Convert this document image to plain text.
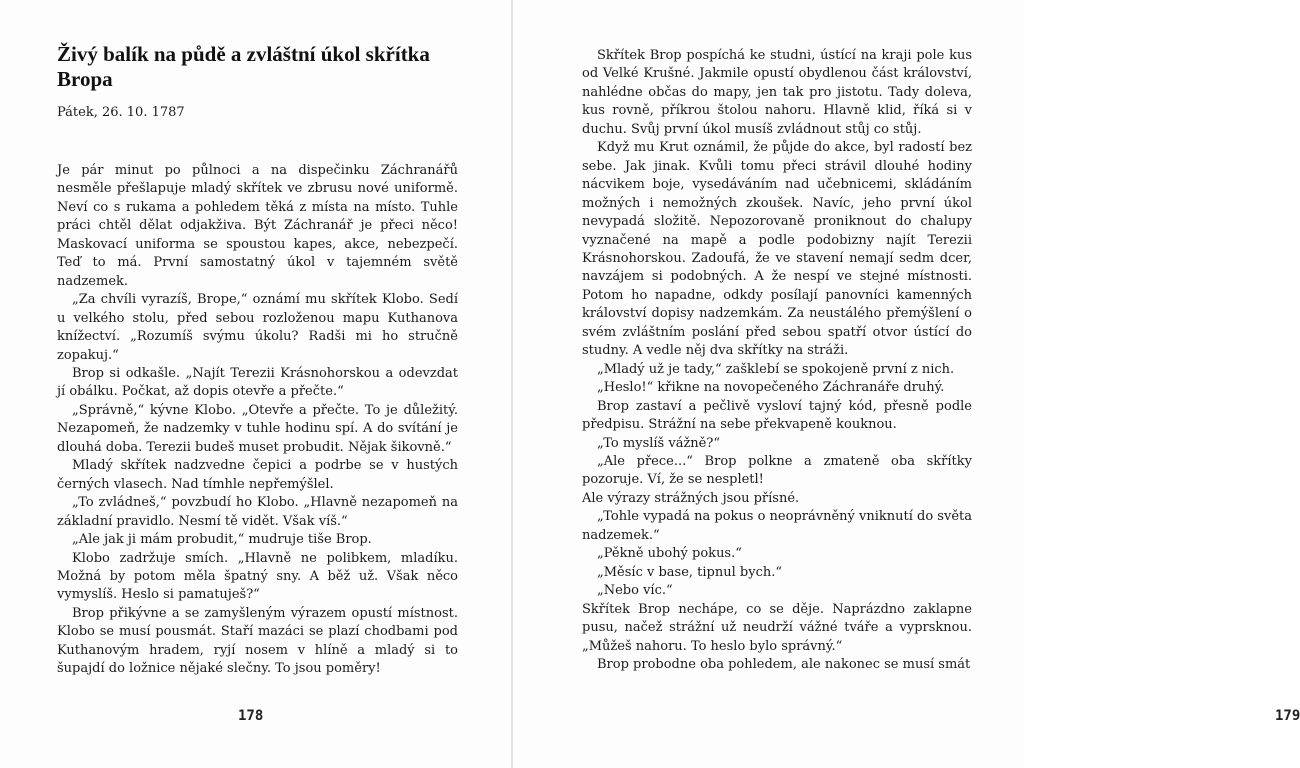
Živý balík na půdě a zvláštní úkol skřítka Bropa

Pátek, 26. 10. 1787

Je pár minut po půlnoci a na dispečinku Záchranářů nesměle přešlapuje mladý skřítek ve zbrusu nové uniformě. Neví co s rukama a pohledem těká z místa na místo. Tuhle práci chtěl dělat odjakživa. Být Záchranář je přeci něco! Maskovací uniforma se spoustou kapes, akce, nebezpečí. Teď to má. První samostatný úkol v tajemném světě nadzemek.

„Za chvíli vyrazíš, Brope,“ oznámí mu skřítek Klobo. Sedí u velkého stolu, před sebou rozloženou mapu Kuthanova knížectví. „Rozumíš svýmu úkolu? Radši mi ho stručně zopakuj.“

Brop si odkašle. „Najít Terezii Krásnohorskou a odevzdat jí obálku. Počkat, až dopis otevře a přečte.“

„Správně,“ kývne Klobo. „Otevře a přečte. To je důležitý. Nezapomeň, že nadzemky v tuhle hodinu spí. A do svítání je dlouhá doba. Terezii budeš muset probudit. Nějak šikovně.“

Mladý skřítek nadzvedne čepici a podrbe se v hustých černých vlasech. Nad tímhle nepřemýšlel.

„To zvládneš,“ povzbudí ho Klobo. „Hlavně nezapomeň na základní pravidlo. Nesmí tě vidět. Však víš.“

„Ale jak ji mám probudit,“ mudruje tiše Brop.

Klobo zadržuje smích. „Hlavně ne polibkem, mladíku. Možná by potom měla špatný sny. A běž už. Však něco vymyslíš. Heslo si pamatuješ?“

Brop přikývne a se zamyšleným výrazem opustí místnost. Klobo se musí pousmát. Staří mazáci se plazí chodbami pod Kuthanovým hradem, ryjí nosem v hlíně a mladý si to šupajdí do ložnice nějaké slečny. To jsou poměry!

178	179

Skřítek Brop pospíchá ke studni, ústící na kraji pole kus od Velké Krušné. Jakmile opustí obydlenou část království, nahlédne občas do mapy, jen tak pro jistotu. Tady doleva, kus rovně, příkrou štolou nahoru. Hlavně klid, říká si v duchu. Svůj první úkol musíš zvládnout stůj co stůj.

Když mu Krut oznámil, že půjde do akce, byl radostí bez sebe. Jak jinak. Kvůli tomu přeci strávil dlouhé hodiny nácvikem boje, vysedáváním nad učebnicemi, skládáním možných i nemožných zkoušek. Navíc, jeho první úkol nevypadá složitě. Nepozorovaně proniknout do chalupy vyznačené na mapě a podle podobizny najít Terezii Krásnohorskou. Zadoufá, že ve stavení nemají sedm dcer, navzájem si podobných. A že nespí ve stejné místnosti. Potom ho napadne, odkdy posílají panovníci kamenných království dopisy nadzemkám. Za neustálého přemýšlení o svém zvláštním poslání před sebou spatří otvor ústící do studny. A vedle něj dva skřítky na stráži.

„Mladý už je tady,“ zašklebí se spokojeně první z nich.

„Heslo!“ křikne na novopečeného Záchranáře druhý.

Brop zastaví a pečlivě vysloví tajný kód, přesně podle předpisu. Strážní na sebe překvapeně kouknou.

„To myslíš vážně?“

„Ale přece...“ Brop polkne a zmateně oba skřítky pozoruje. Ví, že se nespletl!

Ale výrazy strážných jsou přísné.

„Tohle vypadá na pokus o neoprávněný vniknutí do světa nadzemek.“

„Pěkně ubohý pokus.“

„Měsíc v base, tipnul bych.“

„Nebo víc.“

Skřítek Brop nechápe, co se děje. Naprázdno zaklapne pusu, načež strážní už neudrží vážné tváře a vyprsknou. „Můžeš nahoru. To heslo bylo správný.“

Brop probodne oba pohledem, ale nakonec se musí smát
